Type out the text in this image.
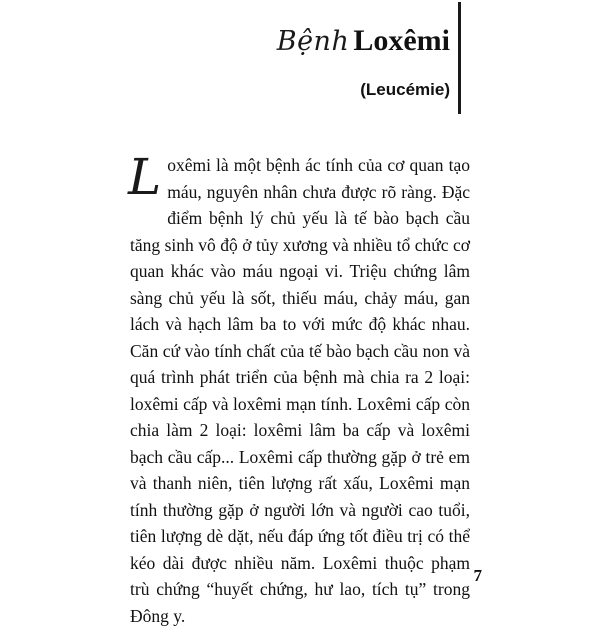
Bệnh Loxêmi
(Leucémie)
Loxêmi là một bệnh ác tính của cơ quan tạo máu, nguyên nhân chưa được rõ ràng. Đặc điểm bệnh lý chủ yếu là tế bào bạch cầu tăng sinh vô độ ở tủy xương và nhiều tổ chức cơ quan khác vào máu ngoại vi. Triệu chứng lâm sàng chủ yếu là sốt, thiếu máu, chảy máu, gan lách và hạch lâm ba to với mức độ khác nhau. Căn cứ vào tính chất của tế bào bạch cầu non và quá trình phát triển của bệnh mà chia ra 2 loại: loxêmi cấp và loxêmi mạn tính. Loxêmi cấp còn chia làm 2 loại: loxêmi lâm ba cấp và loxêmi bạch cầu cấp... Loxêmi cấp thường gặp ở trẻ em và thanh niên, tiên lượng rất xấu, Loxêmi mạn tính thường gặp ở người lớn và người cao tuổi, tiên lượng dè dặt, nếu đáp ứng tốt điều trị có thể kéo dài được nhiều năm. Loxêmi thuộc phạm trù chứng “huyết chứng, hư lao, tích tụ” trong Đông y.
7
